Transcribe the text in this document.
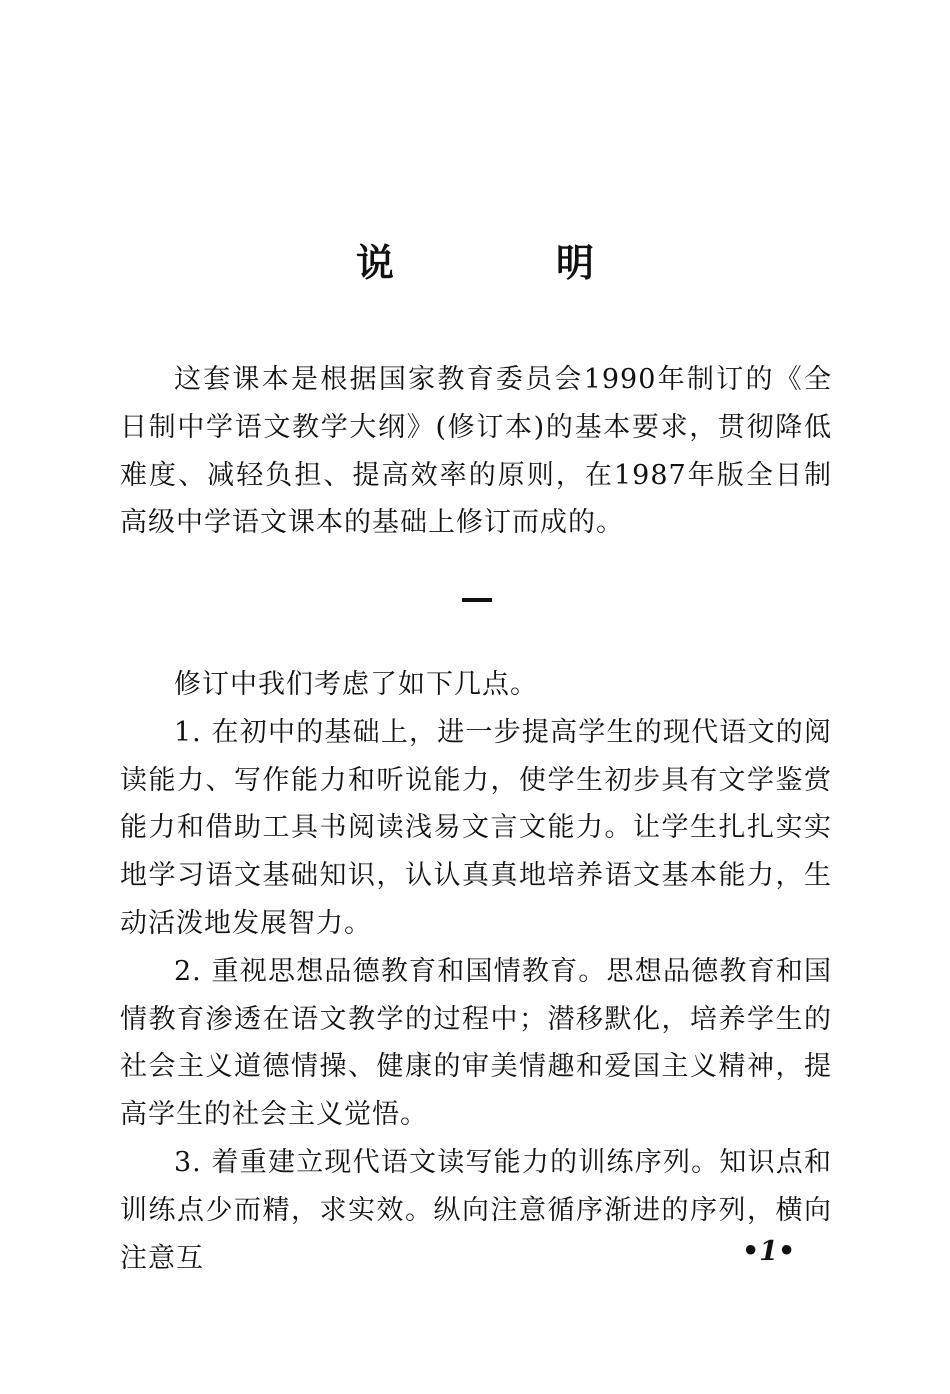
说　明

这套课本是根据国家教育委员会1990年制订的《全日制中学语文教学大纲》(修订本)的基本要求，贯彻降低难度、减轻负担、提高效率的原则，在1987年版全日制高级中学语文课本的基础上修订而成的。

修订中我们考虑了如下几点。

1. 在初中的基础上，进一步提高学生的现代语文的阅读能力、写作能力和听说能力，使学生初步具有文学鉴赏能力和借助工具书阅读浅易文言文能力。让学生扎扎实实地学习语文基础知识，认认真真地培养语文基本能力，生动活泼地发展智力。

2. 重视思想品德教育和国情教育。思想品德教育和国情教育渗透在语文教学的过程中；潜移默化，培养学生的社会主义道德情操、健康的审美情趣和爱国主义精神，提高学生的社会主义觉悟。

3. 着重建立现代语文读写能力的训练序列。知识点和训练点少而精，求实效。纵向注意循序渐进的序列，横向注意互	•1•
